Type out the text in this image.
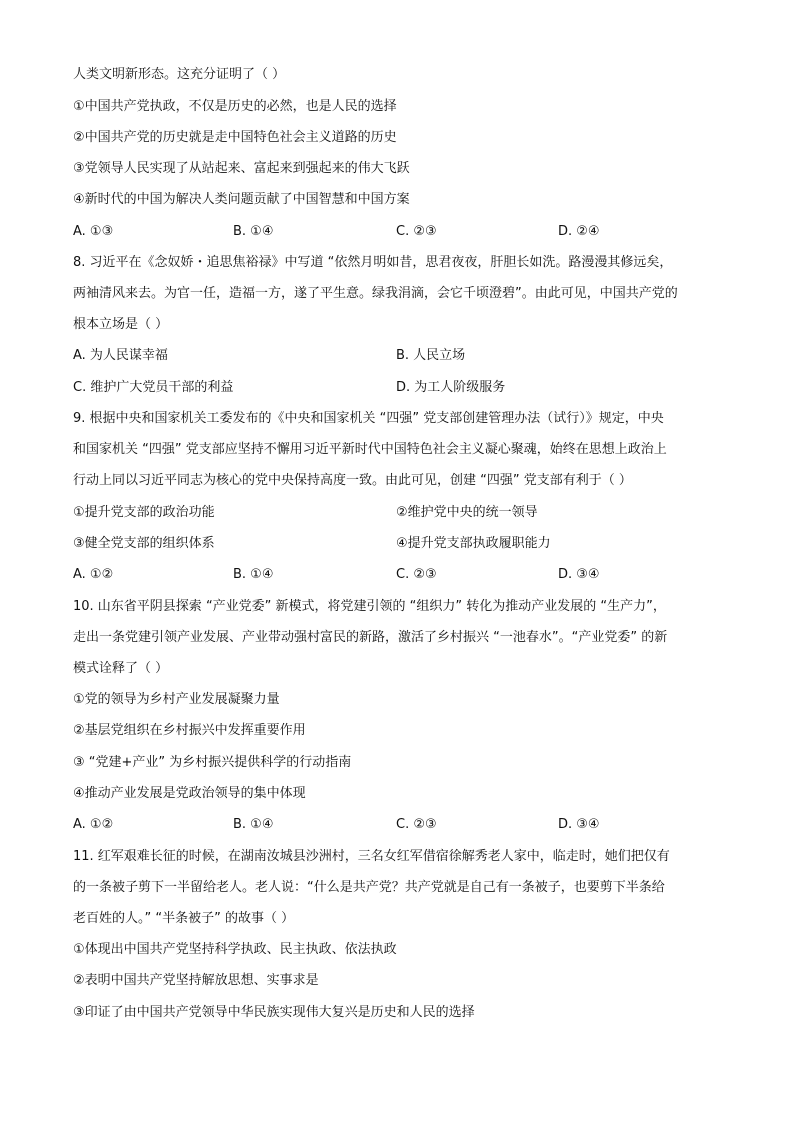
人类文明新形态。这充分证明了（ ）
①中国共产党执政，不仅是历史的必然，也是人民的选择
②中国共产党的历史就是走中国特色社会主义道路的历史
③党领导人民实现了从站起来、富起来到强起来的伟大飞跃
④新时代的中国为解决人类问题贡献了中国智慧和中国方案
A. ①③	B. ①④	C. ②③	D. ②④
8. 习近平在《念奴娇・追思焦裕禄》中写道 “依然月明如昔，思君夜夜，肝胆长如洗。路漫漫其修远矣，
两袖清风来去。为官一任，造福一方，遂了平生意。绿我涓滴，会它千顷澄碧”。由此可见，中国共产党的
根本立场是（ ）
A. 为人民谋幸福	B. 人民立场
C. 维护广大党员干部的利益	D. 为工人阶级服务
9. 根据中央和国家机关工委发布的《中央和国家机关 “四强” 党支部创建管理办法（试行）》规定，中央
和国家机关 “四强” 党支部应坚持不懈用习近平新时代中国特色社会主义凝心聚魂，始终在思想上政治上
行动上同以习近平同志为核心的党中央保持高度一致。由此可见，创建 “四强” 党支部有利于（ ）
①提升党支部的政治功能	②维护党中央的统一领导
③健全党支部的组织体系	④提升党支部执政履职能力
A. ①②	B. ①④	C. ②③	D. ③④
10. 山东省平阴县探索 “产业党委” 新模式，将党建引领的 “组织力” 转化为推动产业发展的 “生产力”，
走出一条党建引领产业发展、产业带动强村富民的新路，激活了乡村振兴 “一池春水”。“产业党委” 的新
模式诠释了（ ）
①党的领导为乡村产业发展凝聚力量
②基层党组织在乡村振兴中发挥重要作用
③ “党建+产业” 为乡村振兴提供科学的行动指南
④推动产业发展是党政治领导的集中体现
A. ①②	B. ①④	C. ②③	D. ③④
11. 红军艰难长征的时候，在湖南汝城县沙洲村，三名女红军借宿徐解秀老人家中，临走时，她们把仅有
的一条被子剪下一半留给老人。老人说：“什么是共产党？共产党就是自己有一条被子，也要剪下半条给
老百姓的人。” “半条被子” 的故事（ ）
①体现出中国共产党坚持科学执政、民主执政、依法执政
②表明中国共产党坚持解放思想、实事求是
③印证了由中国共产党领导中华民族实现伟大复兴是历史和人民的选择
